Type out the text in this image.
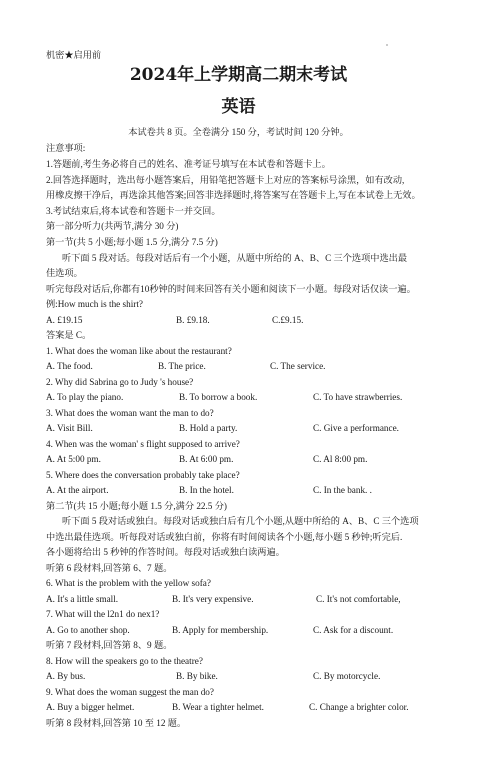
机密★启用前
2024年上学期高二期末考试
英语
本试卷共 8 页。全卷满分 150 分，考试时间 120 分钟。
注意事项:
1.答题前,考生务必将自己的姓名、准考证号填写在本试卷和答题卡上。
2.回答选择题时，选出每小题答案后，用铅笔把答题卡上对应的答案标号涂黑，如有改动,
用橡皮擦干净后，再选涂其他答案;回答非选择题时,将答案写在答题卡上,写在本试卷上无效。
3.考试结束后,将本试卷和答题卡一并交回。
第一部分听力(共两节,满分 30 分)
第一节(共 5 小题;每小题 1.5 分,满分 7.5 分)
听下面 5 段对话。每段对话后有一个小题，从题中所给的 A、B、C 三个选项中选出最
佳选项。
听完每段对话后,你都有10秒钟的时间来回答有关小题和阅读下一小题。每段对话仅读一遍。
例:How much is the shirt?
A. £19.15	B. £9.18.	C.£9.15.
答案是 C。
1. What does the woman like about the restaurant?
A. The food.	B. The price.	C. The service.
2. Why did Sabrina go to Judy 's house?
A. To play the piano.	B. To borrow a book.	C. To have strawberries.
3. What does the woman want the man to do?
A. Visit Bill.	B. Hold a party.	C. Give a performance.
4. When was the woman' s flight supposed to arrive?
A. At 5:00 pm.	B. At 6:00 pm.	C. Al 8:00 pm.
5. Where does the conversation probably take place?
A. At the airport.	B. In the hotel.	C. In the bank. .
第二节(共 15 小题;每小题 1.5 分,满分 22.5 分)
听下面 5 段对话或独白。每段对话或独白后有几个小题,从题中所给的 A、B、C 三个选项
中选出最佳选项。听每段对话或独白前，你将有时间阅读各个小题,每小题 5 秒钟;听完后.
各小题将给出 5 秒钟的作答时间。每段对话或独白读两遍。
听第 6 段材料,回答第 6、7 题。
6. What is the problem with the yellow sofa?
A. It's a little small.	B. It's very expensive.	C. It's not comfortable,
7. What will the l2n1 do nex1?
A. Go to another shop.	B. Apply for membership.	C. Ask for a discount.
听第 7 段材料,回答第 8、9 题。
8. How will the speakers go to the theatre?
A. By bus.	B. By bike.	C. By motorcycle.
9. What does the woman suggest the man do?
A. Buy a bigger helmet.	B. Wear a tighter helmet.	C. Change a brighter color.
听第 8 段材料,回答第 10 至 12 题。
